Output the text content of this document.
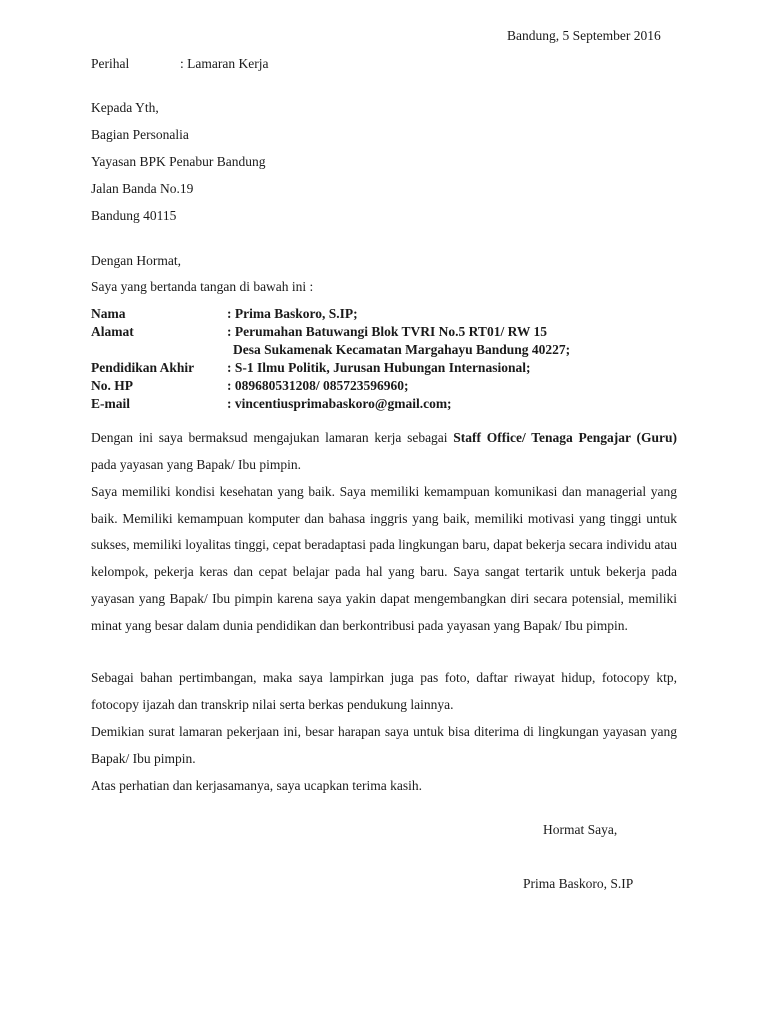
Bandung, 5 September 2016
Perihal	: Lamaran Kerja
Kepada Yth,
Bagian Personalia
Yayasan BPK Penabur Bandung
Jalan Banda No.19
Bandung 40115
Dengan Hormat,
Saya yang bertanda tangan di bawah ini :
Nama	: Prima Baskoro, S.IP;
Alamat	: Perumahan Batuwangi Blok TVRI No.5 RT01/ RW 15
Desa Sukamenak Kecamatan Margahayu Bandung 40227;
Pendidikan Akhir : S-1 Ilmu Politik, Jurusan Hubungan Internasional;
No. HP	: 089680531208/ 085723596960;
E-mail	: vincentiusprimabaskoro@gmail.com;
Dengan ini saya bermaksud mengajukan lamaran kerja sebagai Staff Office/ Tenaga Pengajar (Guru) pada yayasan yang Bapak/ Ibu pimpin.
Saya memiliki kondisi kesehatan yang baik. Saya memiliki kemampuan komunikasi dan managerial yang baik. Memiliki kemampuan komputer dan bahasa inggris yang baik, memiliki motivasi yang tinggi untuk sukses, memiliki loyalitas tinggi, cepat beradaptasi pada lingkungan baru, dapat bekerja secara individu atau kelompok, pekerja keras dan cepat belajar pada hal yang baru. Saya sangat tertarik untuk bekerja pada yayasan yang Bapak/ Ibu pimpin karena saya yakin dapat mengembangkan diri secara potensial, memiliki minat yang besar dalam dunia pendidikan dan berkontribusi pada yayasan yang Bapak/ Ibu pimpin.
Sebagai bahan pertimbangan, maka saya lampirkan juga pas foto, daftar riwayat hidup, fotocopy ktp, fotocopy ijazah dan transkrip nilai serta berkas pendukung lainnya.
Demikian surat lamaran pekerjaan ini, besar harapan saya untuk bisa diterima di lingkungan yayasan yang Bapak/ Ibu pimpin.
Atas perhatian dan kerjasamanya, saya ucapkan terima kasih.
Hormat Saya,
Prima Baskoro, S.IP
